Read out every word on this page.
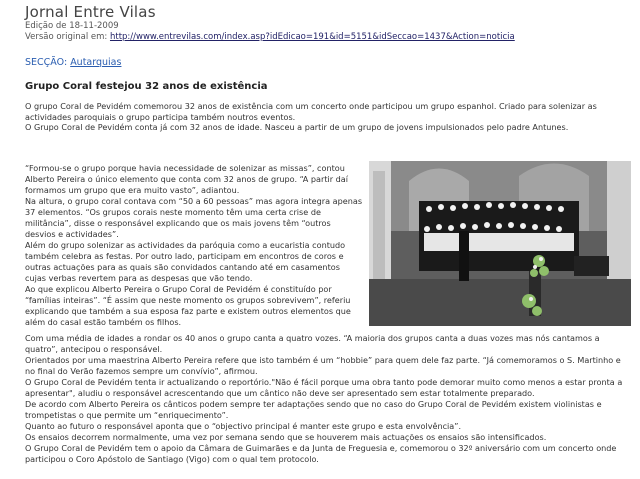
Jornal Entre Vilas
Edição de 18-11-2009
Versão original em: http://www.entrevilas.com/index.asp?idEdicao=191&id=5151&idSeccao=1437&Action=noticia
SECÇÃO: Autarquias
Grupo Coral festejou 32 anos de existência

O grupo Coral de Pevidém comemorou 32 anos de existência com um concerto onde participou um grupo espanhol. Criado para solenizar as actividades paroquiais o grupo participa também noutros eventos.

O Grupo Coral de Pevidém conta já com 32 anos de idade. Nasceu a partir de um grupo de jovens impulsionados pelo padre Antunes.

“Formou-se o grupo porque havia necessidade de solenizar as missas”, contou Alberto Pereira o único elemento que conta com 32 anos de grupo. “A partir daí formamos um grupo que era muito vasto”, adiantou.

Na altura, o grupo coral contava com “50 a 60 pessoas” mas agora integra apenas 37 elementos. “Os grupos corais neste momento têm uma certa crise de militância”, disse o responsável explicando que os mais jovens têm “outros desvios e actividades”.

Além do grupo solenizar as actividades da paróquia como a eucaristia contudo também celebra as festas. Por outro lado, participam em encontros de coros e outras actuações para as quais são convidados cantando até em casamentos cujas verbas revertem para as despesas que vão tendo.

Ao que explicou Alberto Pereira o Grupo Coral de Pevidém é constituído por “famílias inteiras”. “É assim que neste momento os grupos sobrevivem”, referiu explicando que também a sua esposa faz parte e existem outros elementos que além do casal estão também os filhos.

Com uma média de idades a rondar os 40 anos o grupo canta a quatro vozes. “A maioria dos grupos canta a duas vozes mas nós cantamos a quatro”, antecipou o responsável.

Orientados por uma maestrina Alberto Pereira refere que isto também é um “hobbie” para quem dele faz parte. “Já comemoramos o S. Martinho e no final do Verão fazemos sempre um convívio”, afirmou.

O Grupo Coral de Pevidém tenta ir actualizando o reportório."Não é fácil porque uma obra tanto pode demorar muito como menos a estar pronta a apresentar", aludiu o responsável acrescentando que um cântico não deve ser apresentado sem estar totalmente preparado.

De acordo com Alberto Pereira os cânticos podem sempre ter adaptações sendo que no caso do Grupo Coral de Pevidém existem violinistas e trompetistas o que permite um “enriquecimento”.

Quanto ao futuro o responsável aponta que o “objectivo principal é manter este grupo e esta envolvência”.

Os ensaios decorrem normalmente, uma vez por semana sendo que se houverem mais actuações os ensaios são intensificados.

O Grupo Coral de Pevidém tem o apoio da Câmara de Guimarães e da Junta de Freguesia e, comemorou o 32º aniversário com um concerto onde participou o Coro Apóstolo de Santiago (Vigo) com o qual tem protocolo.
